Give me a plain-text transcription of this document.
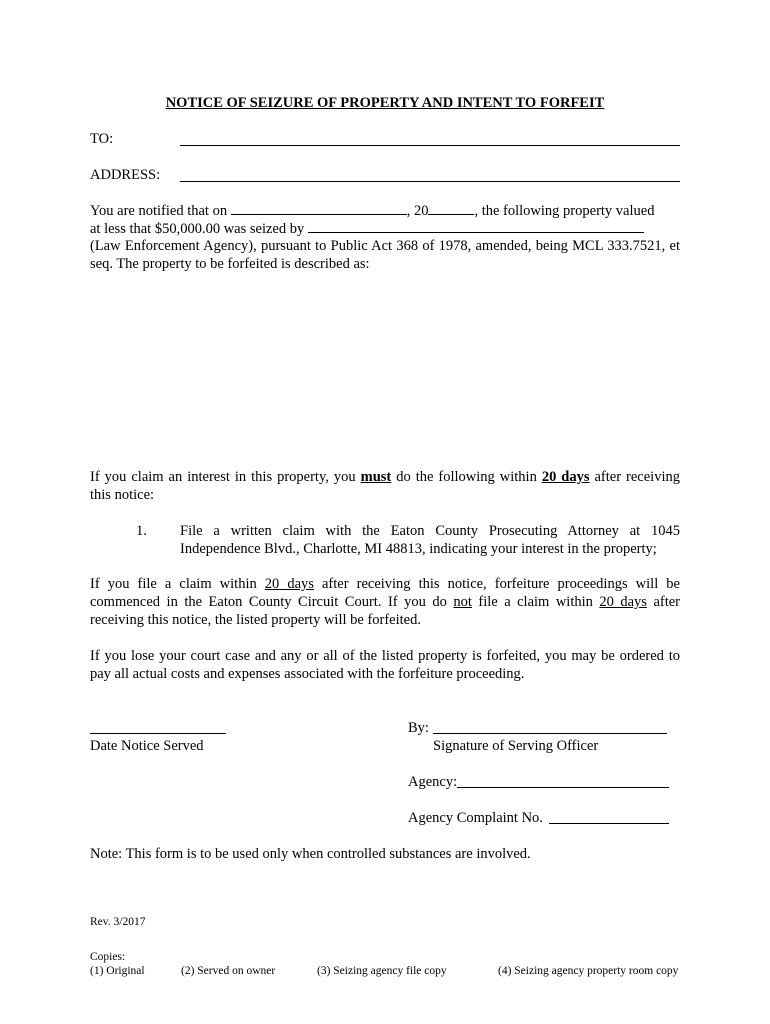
NOTICE OF SEIZURE OF PROPERTY AND INTENT TO FORFEIT
TO:
ADDRESS:
You are notified that on	, 20	, the following property valued
at less that $50,000.00 was seized by
(Law Enforcement Agency), pursuant to Public Act 368 of 1978, amended, being MCL 333.7521, et seq. The property to be forfeited is described as:
If you claim an interest in this property, you must do the following within 20 days after receiving this notice:
1. File a written claim with the Eaton County Prosecuting Attorney at 1045 Independence Blvd., Charlotte, MI 48813, indicating your interest in the property;
If you file a claim within 20 days after receiving this notice, forfeiture proceedings will be commenced in the Eaton County Circuit Court. If you do not file a claim within 20 days after receiving this notice, the listed property will be forfeited.
If you lose your court case and any or all of the listed property is forfeited, you may be ordered to pay all actual costs and expenses associated with the forfeiture proceeding.
Date Notice Served
By:
Signature of Serving Officer
Agency:
Agency Complaint No.
Note: This form is to be used only when controlled substances are involved.
Rev. 3/2017
Copies:
(1) Original	(2) Served on owner	(3) Seizing agency file copy	(4) Seizing agency property room copy
